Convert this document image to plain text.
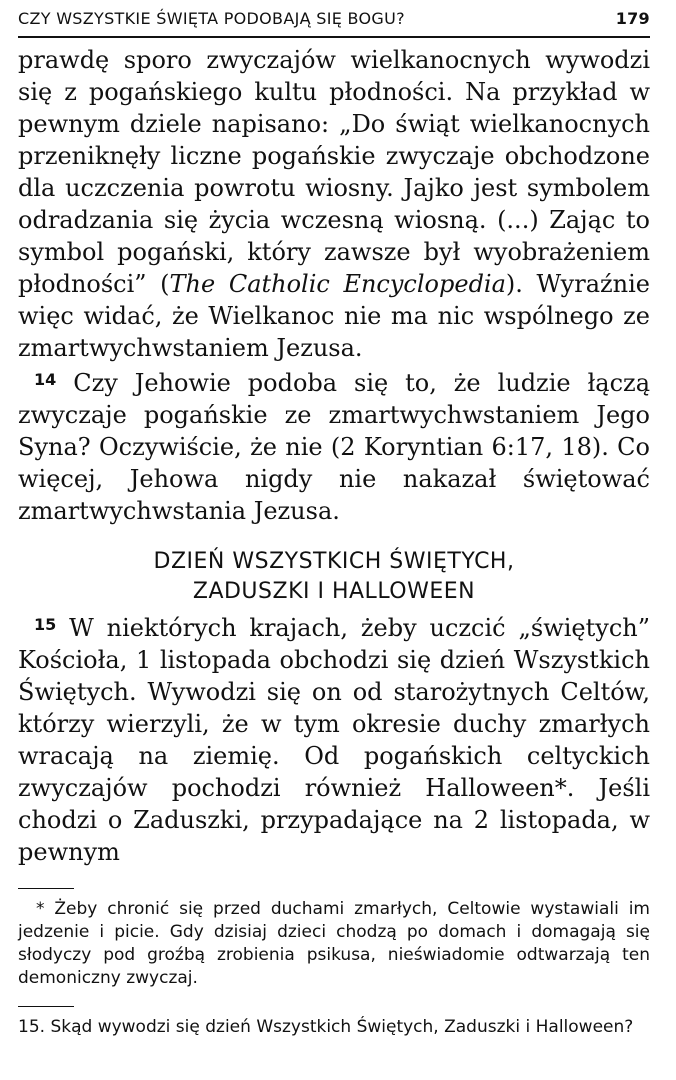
CZY WSZYSTKIE ŚWIĘTA PODOBAJĄ SIĘ BOGU?	179

prawdę sporo zwyczajów wielkanocnych wywodzi się z pogańskiego kultu płodności. Na przykład w pewnym dziele napisano: „Do świąt wielkanocnych przeniknęły liczne pogańskie zwyczaje obchodzone dla uczczenia powrotu wiosny. Jajko jest symbolem odradzania się życia wczesną wiosną. (...) Zając to symbol pogański, który zawsze był wyobrażeniem płodności” (The Catholic Encyclopedia). Wyraźnie więc widać, że Wielkanoc nie ma nic wspólnego ze zmartwychwstaniem Jezusa.

$^{14}$ Czy Jehowie podoba się to, że ludzie łączą zwyczaje pogańskie ze zmartwychwstaniem Jego Syna? Oczywiście, że nie (2 Koryntian 6:17, 18). Co więcej, Jehowa nigdy nie nakazał świętować zmartwychwstania Jezusa.

DZIEŃ WSZYSTKICH ŚWIĘTYCH,
ZADUSZKI I HALLOWEEN

$^{15}$ W niektórych krajach, żeby uczcić „świętych” Kościoła, 1 listopada obchodzi się dzień Wszystkich Świętych. Wywodzi się on od starożytnych Celtów, którzy wierzyli, że w tym okresie duchy zmarłych wracają na ziemię. Od pogańskich celtyckich zwyczajów pochodzi również Halloween*. Jeśli chodzi o Zaduszki, przypadające na 2 listopada, w pewnym

* Żeby chronić się przed duchami zmarłych, Celtowie wystawiali im jedzenie i picie. Gdy dzisiaj dzieci chodzą po domach i domagają się słodyczy pod groźbą zrobienia psikusa, nieświadomie odtwarzają ten demoniczny zwyczaj.
15. Skąd wywodzi się dzień Wszystkich Świętych, Zaduszki i Halloween?
